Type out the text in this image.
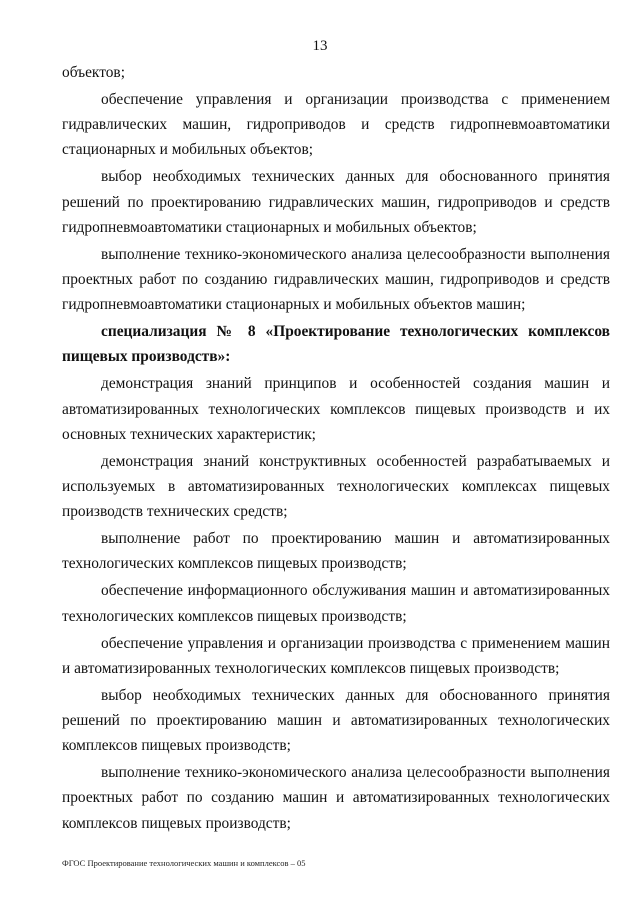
13

объектов;

обеспечение управления и организации производства с применением гидравлических машин, гидроприводов и средств гидропневмоавтоматики стационарных и мобильных объектов;

выбор необходимых технических данных для обоснованного принятия решений по проектированию гидравлических машин, гидроприводов и средств гидропневмоавтоматики стационарных и мобильных объектов;

выполнение технико-экономического анализа целесообразности выполнения проектных работ по созданию гидравлических машин, гидроприводов и средств гидропневмоавтоматики стационарных и мобильных объектов машин;

специализация № 8 «Проектирование технологических комплексов пищевых производств»:

демонстрация знаний принципов и особенностей создания машин и автоматизированных технологических комплексов пищевых производств и их основных технических характеристик;

демонстрация знаний конструктивных особенностей разрабатываемых и используемых в автоматизированных технологических комплексах пищевых производств технических средств;

выполнение работ по проектированию машин и автоматизированных технологических комплексов пищевых производств;

обеспечение информационного обслуживания машин и автоматизированных технологических комплексов пищевых производств;

обеспечение управления и организации производства с применением машин и автоматизированных технологических комплексов пищевых производств;

выбор необходимых технических данных для обоснованного принятия решений по проектированию машин и автоматизированных технологических комплексов пищевых производств;

выполнение технико-экономического анализа целесообразности выполнения проектных работ по созданию машин и автоматизированных технологических комплексов пищевых производств;

ФГОС Проектирование технологических машин и комплексов – 05
